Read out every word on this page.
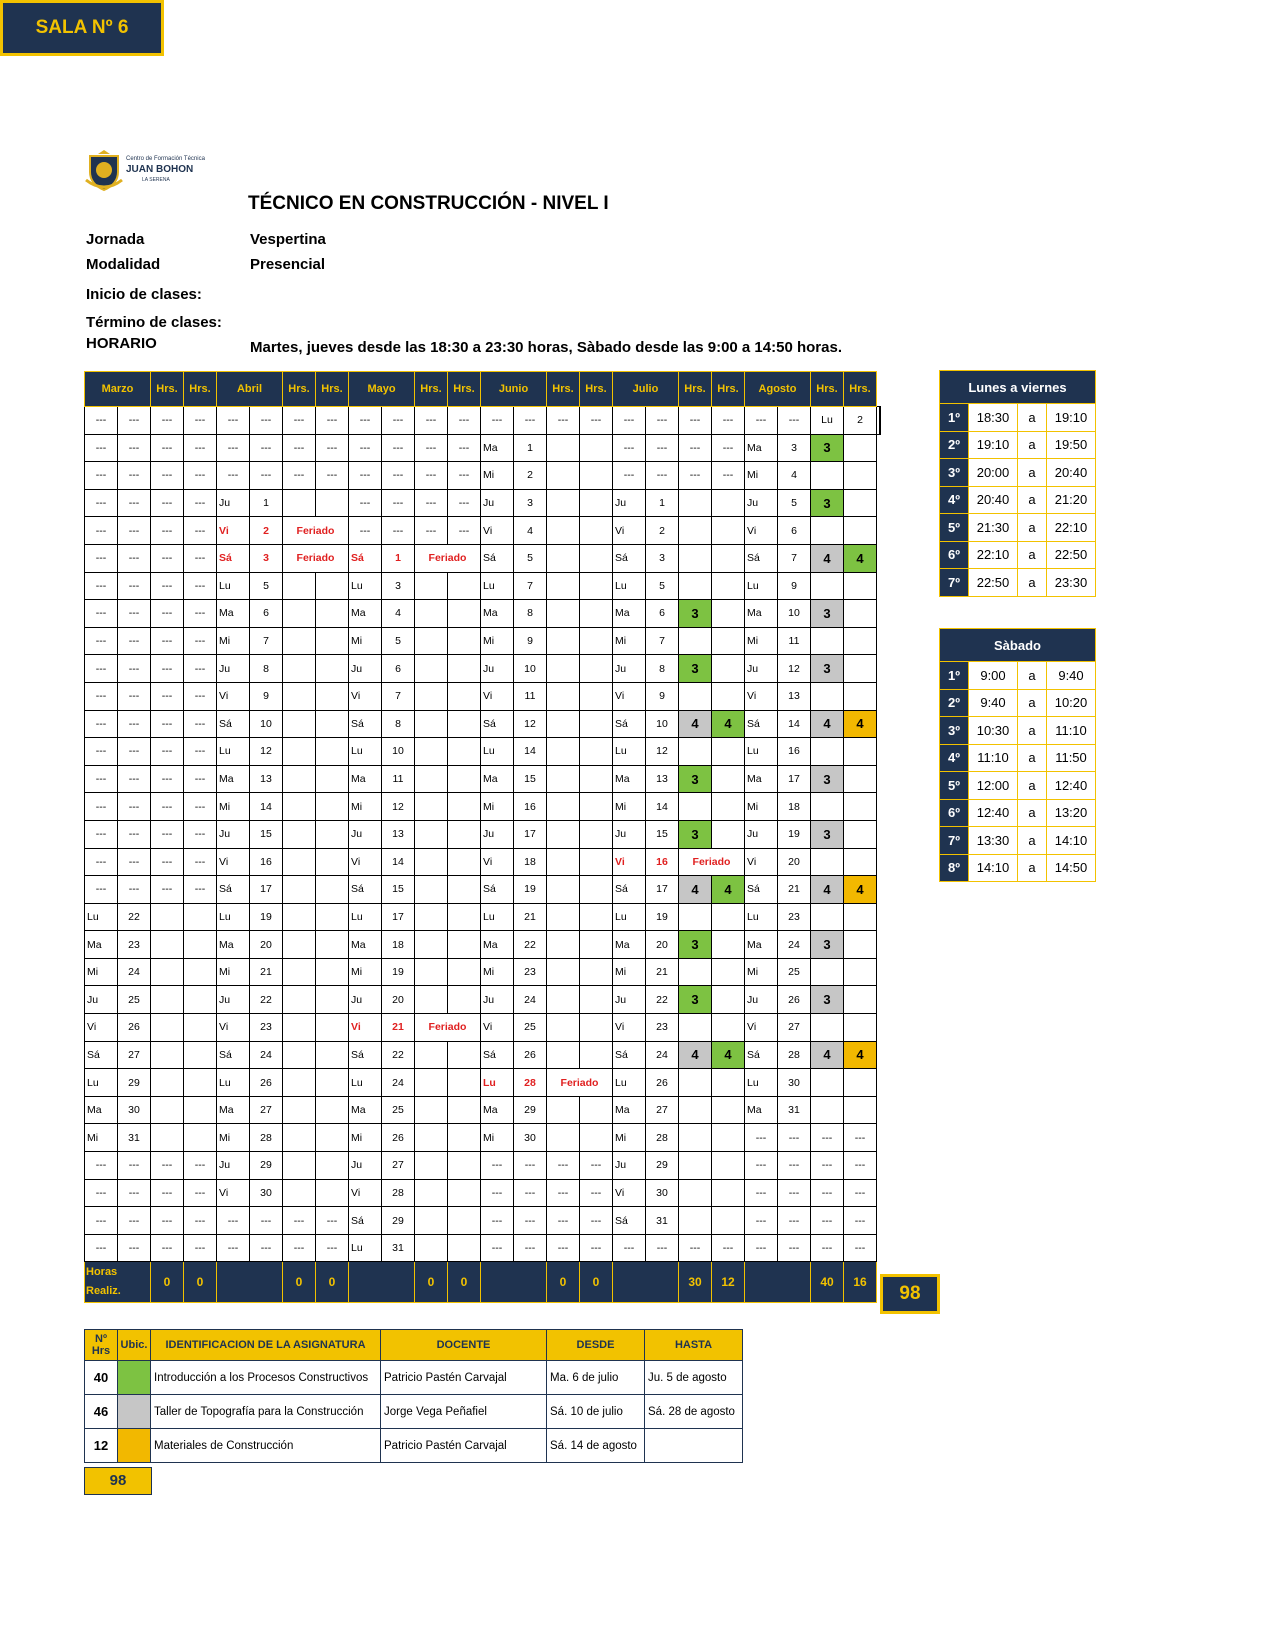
Centro de Formación Técnica
JUAN BOHON
LA SERENA
TÉCNICO EN CONSTRUCCIÓN - NIVEL I
Jornada	Vespertina
Modalidad	Presencial
Inicio de clases:
Término de clases:
HORARIO	Martes, jueves desde las 18:30 a 23:30 horas, Sàbado desde las 9:00 a 14:50 horas.
SALA Nº 6
Marzo		Hrs.	Hrs.	Abril		Hrs.	Hrs.	Mayo		Hrs.	Hrs.	Junio		Hrs.	Hrs.	Julio		Hrs.	Hrs.	Agosto		Hrs.	Hrs.		
---	---	---	---	---	---	---	---	---	---	---	---	---	---	---	---	---	---	---	---	---	---	Lu	2		
---	---	---	---	---	---	---	---	---	---	---	---	Ma	1			---	---	---	---	Ma	3	3			
---	---	---	---	---	---	---	---	---	---	---	---	Mi	2			---	---	---	---	Mi	4				
---	---	---	---	Ju	1			---	---	---	---	Ju	3			Ju	1			Ju	5	3			
---	---	---	---	Vi	2	Feriado		---	---	---	---	Vi	4			Vi	2			Vi	6				
---	---	---	---	Sá	3	Feriado		Sá	1	Feriado		Sá	5			Sá	3			Sá	7	4	4		
---	---	---	---	Lu	5			Lu	3			Lu	7			Lu	5			Lu	9				
---	---	---	---	Ma	6			Ma	4			Ma	8			Ma	6	3		Ma	10	3			
---	---	---	---	Mi	7			Mi	5			Mi	9			Mi	7			Mi	11				
---	---	---	---	Ju	8			Ju	6			Ju	10			Ju	8	3		Ju	12	3			
---	---	---	---	Vi	9			Vi	7			Vi	11			Vi	9			Vi	13				
---	---	---	---	Sá	10			Sá	8			Sá	12			Sá	10	4	4	Sá	14	4	4		
---	---	---	---	Lu	12			Lu	10			Lu	14			Lu	12			Lu	16				
---	---	---	---	Ma	13			Ma	11			Ma	15			Ma	13	3		Ma	17	3			
---	---	---	---	Mi	14			Mi	12			Mi	16			Mi	14			Mi	18				
---	---	---	---	Ju	15			Ju	13			Ju	17			Ju	15	3		Ju	19	3			
---	---	---	---	Vi	16			Vi	14			Vi	18			Vi	16	Feriado		Vi	20				
---	---	---	---	Sá	17			Sá	15			Sá	19			Sá	17	4	4	Sá	21	4	4		
Lu	22			Lu	19			Lu	17			Lu	21			Lu	19			Lu	23				
Ma	23			Ma	20			Ma	18			Ma	22			Ma	20	3		Ma	24	3			
Mi	24			Mi	21			Mi	19			Mi	23			Mi	21			Mi	25				
Ju	25			Ju	22			Ju	20			Ju	24			Ju	22	3		Ju	26	3			
Vi	26			Vi	23			Vi	21	Feriado		Vi	25			Vi	23			Vi	27				
Sá	27			Sá	24			Sá	22			Sá	26			Sá	24	4	4	Sá	28	4	4		
Lu	29			Lu	26			Lu	24			Lu	28	Feriado		Lu	26			Lu	30				
Ma	30			Ma	27			Ma	25			Ma	29			Ma	27			Ma	31				
Mi	31			Mi	28			Mi	26			Mi	30			Mi	28			---	---	---	---		
---	---	---	---	Ju	29			Ju	27			---	---	---	---	Ju	29			---	---	---	---		
---	---	---	---	Vi	30			Vi	28			---	---	---	---	Vi	30			---	---	---	---		
---	---	---	---	---	---	---	---	Sá	29			---	---	---	---	Sá	31			---	---	---	---		
---	---	---	---	---	---	---	---	Lu	31			---	---	---	---	---	---	---	---	---	---	---	---		

Horas
Realiz.		0	0			0	0			0	0			0	0			30	12			40	16		
98
Lunes a viernes			
1º	18:30	a	19:10
2º	19:10	a	19:50
3º	20:00	a	20:40
4º	20:40	a	21:20
5º	21:30	a	22:10
6º	22:10	a	22:50
7º	22:50	a	23:30
Sàbado			
1º	9:00	a	9:40
2º	9:40	a	10:20
3º	10:30	a	11:10
4º	11:10	a	11:50
5º	12:00	a	12:40
6º	12:40	a	13:20
7º	13:30	a	14:10
8º	14:10	a	14:50
Nº Hrs	Ubic.	IDENTIFICACION DE LA ASIGNATURA	DOCENTE	DESDE	HASTA
40		Introducción a los Procesos Constructivos	Patricio Pastén Carvajal	Ma. 6 de julio	Ju. 5 de agosto
46		Taller de Topografía para la Construcción	Jorge Vega Peñafiel	Sá. 10 de julio	Sá. 28 de agosto
12		Materiales de Construcción	Patricio Pastén Carvajal	Sá. 14 de agosto	
98
